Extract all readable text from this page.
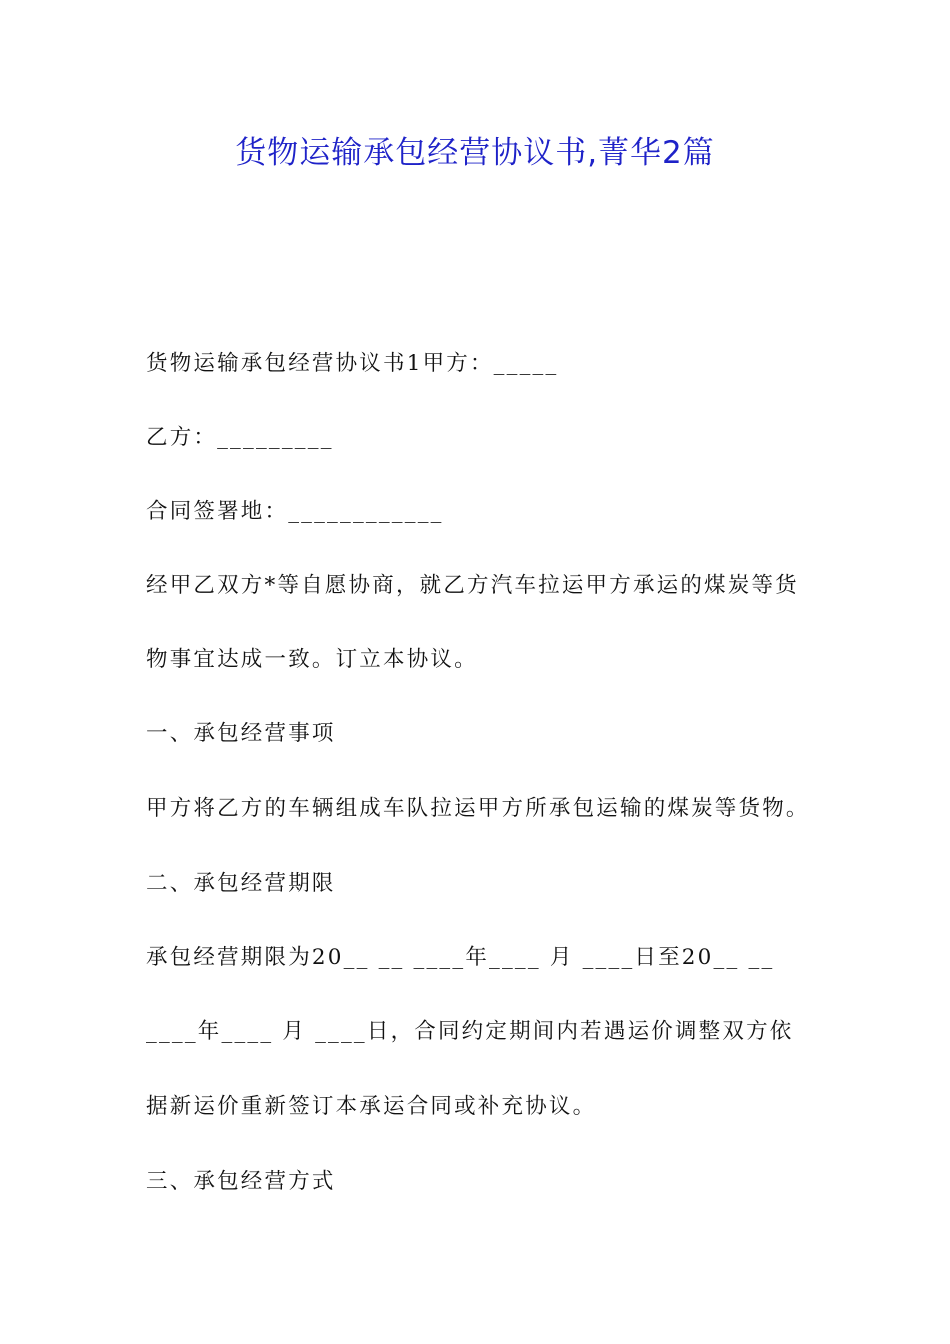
货物运输承包经营协议书,菁华2篇
货物运输承包经营协议书1甲方：_____
乙方：_________
合同签署地：____________
经甲乙双方*等自愿协商，就乙方汽车拉运甲方承运的煤炭等货
物事宜达成一致。订立本协议。
一、承包经营事项
甲方将乙方的车辆组成车队拉运甲方所承包运输的煤炭等货物。
二、承包经营期限
承包经营期限为20__ __ ____年____ 月 ____日至20__ __
____年____ 月 ____日，合同约定期间内若遇运价调整双方依
据新运价重新签订本承运合同或补充协议。
三、承包经营方式
